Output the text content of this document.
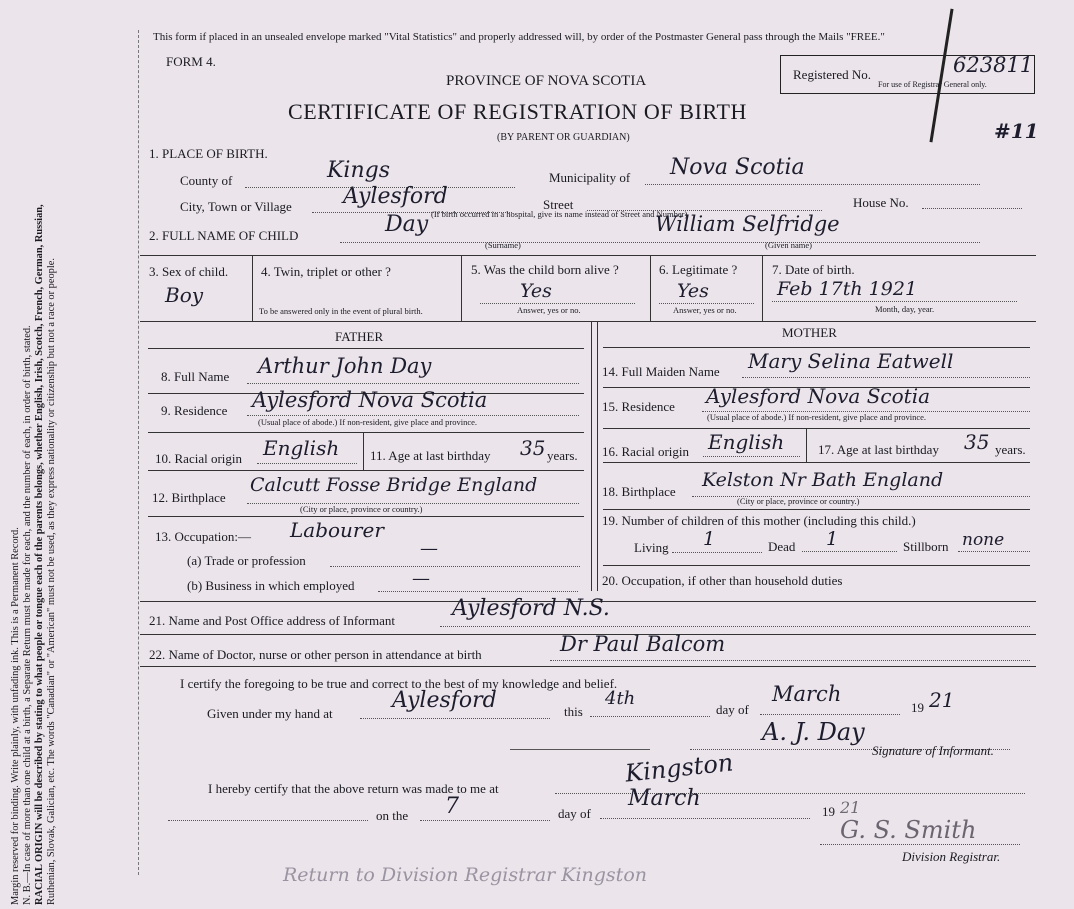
Margin reserved for binding. Write plainly, with unfading ink. This is a Permanent Record. N. B.—In case of more than one child at a birth, a Separate Return must be made for each, and the number of each, in order of birth, stated. RACIAL ORIGIN will be described by stating to what people or tongue each of the parents belongs, whether English, Irish, Scotch, French, German, Russian, Ruthenian, Slovak, Galician, etc. The words "Canadian" or "American" must not be used, as they express nationality or citizenship but not a race or people.
This form if placed in an unsealed envelope marked "Vital Statistics" and properly addressed will, by order of the Postmaster General pass through the Mails "FREE."
FORM 4.
PROVINCE OF NOVA SCOTIA
CERTIFICATE OF REGISTRATION OF BIRTH
(BY PARENT OR GUARDIAN)
Registered No.
For use of Registrar General only.
623811
#11
1. PLACE OF BIRTH.
County of	Kings	Municipality of Nova Scotia
City, Town or Village Aylesford	Street	House No.
(If birth occurred in a hospital, give its name instead of Street and Number)
2. FULL NAME OF CHILD	Day
(Surname)
William Selfridge
(Given name)
3. Sex of child.
Boy
4. Twin, triplet or other ?
To be answered only in the event of plural birth.
5. Was the child born alive ?
Yes
Answer, yes or no.
6. Legitimate ?
Yes
Answer, yes or no.
7. Date of birth.
Feb 17th 1921
Month, day, year.
FATHER	MOTHER
8. Full Name Arthur John Day
9. Residence Aylesford Nova Scotia
(Usual place of abode.) If non-resident, give place and province.
10. Racial origin English 11. Age at last birthday 35 years.
12. Birthplace
Calcutt Fosse Bridge England
(City or place, province or country.)
13. Occupation:— Labourer
(a) Trade or profession
—
(b) Business in which employed	—
14. Full Maiden Name Mary Selina Eatwell
15. Residence Aylesford Nova Scotia
(Usual place of abode.) If non-resident, give place and province.
16. Racial origin English	17. Age at last birthday 35 years.
18. Birthplace
Kelston Nr Bath England
(City or place, province or country.)
19. Number of children of this mother (including this child.)
Living 1	Dead 1	Stillborn none
20. Occupation, if other than household duties
21. Name and Post Office address of Informant	Aylesford N.S.
22. Name of Doctor, nurse or other person in attendance at birth	Dr Paul Balcom
I certify the foregoing to be true and correct to the best of my knowledge and belief.
Given under my hand at
Aylesford	this
4th
day of
March
19 21
A. J. Day
Signature of Informant.
I hereby certify that the above return was made to me at
Kingston
on the 7	day of
March
19 21
G. S. Smith
Division Registrar.
Return to Division Registrar Kingston
